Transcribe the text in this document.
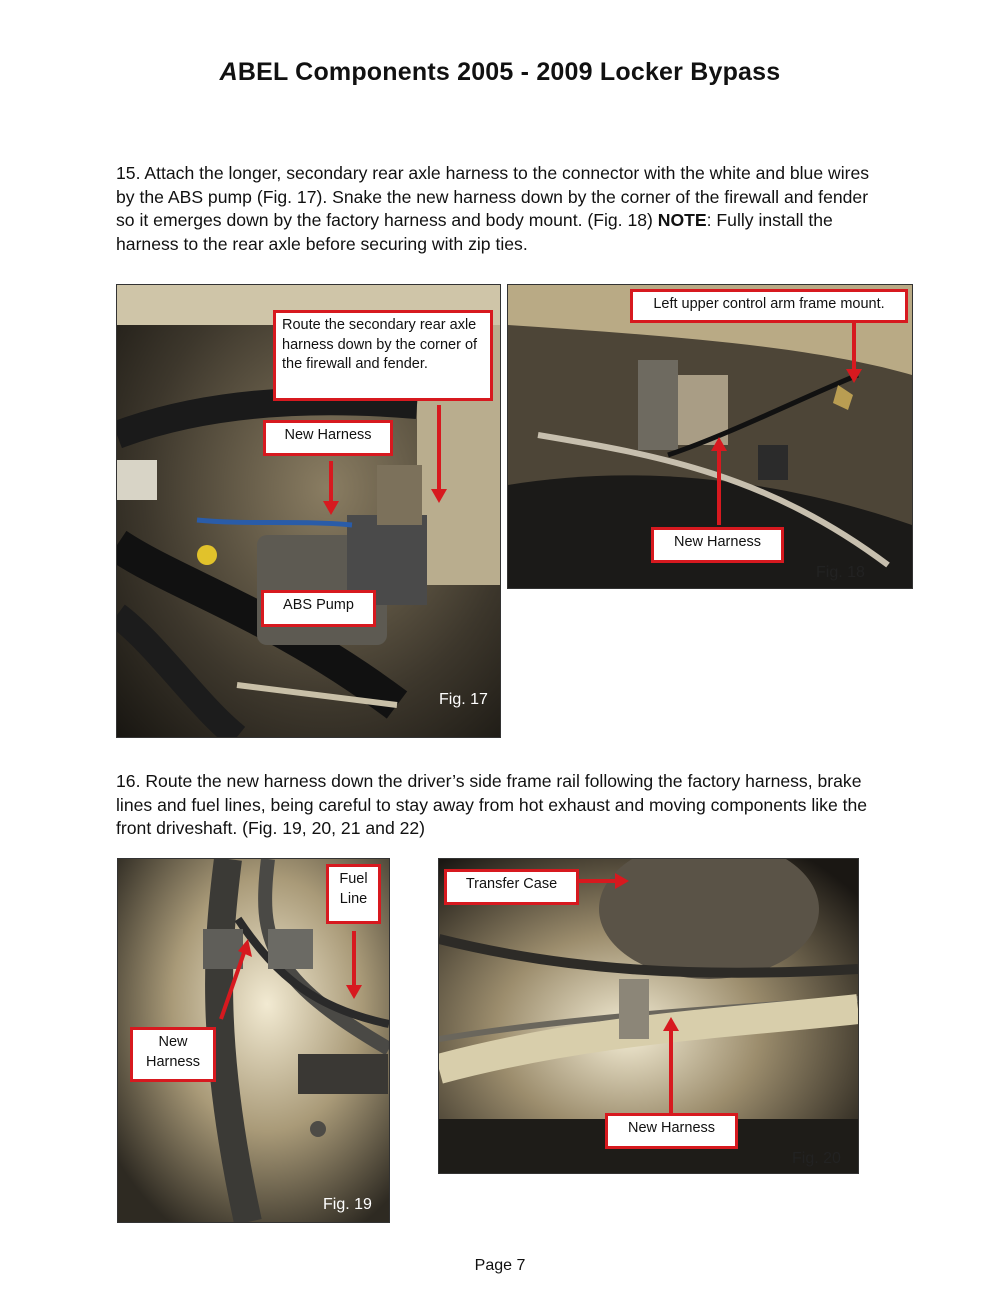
ABEL Components 2005 - 2009 Locker Bypass

15. Attach the longer, secondary rear axle harness to the connector with the white and blue wires by the ABS pump (Fig. 17). Snake the new harness down by the corner of the firewall and fender so it emerges down by the factory harness and body mount. (Fig. 18) NOTE: Fully install the harness to the rear axle before securing with zip ties.

Route the secondary rear axle harness down by the corner of the firewall and fender.
New Harness
ABS Pump
Fig. 17
Left upper control arm frame mount.
New Harness
Fig. 18

16. Route the new harness down the driver’s side frame rail following the factory harness, brake lines and fuel lines, being careful to stay away from hot exhaust and moving components like the front driveshaft. (Fig. 19, 20, 21 and 22)

Fuel Line
New Harness
Fig. 19
Transfer Case
New Harness
Fig. 20
Page 7
